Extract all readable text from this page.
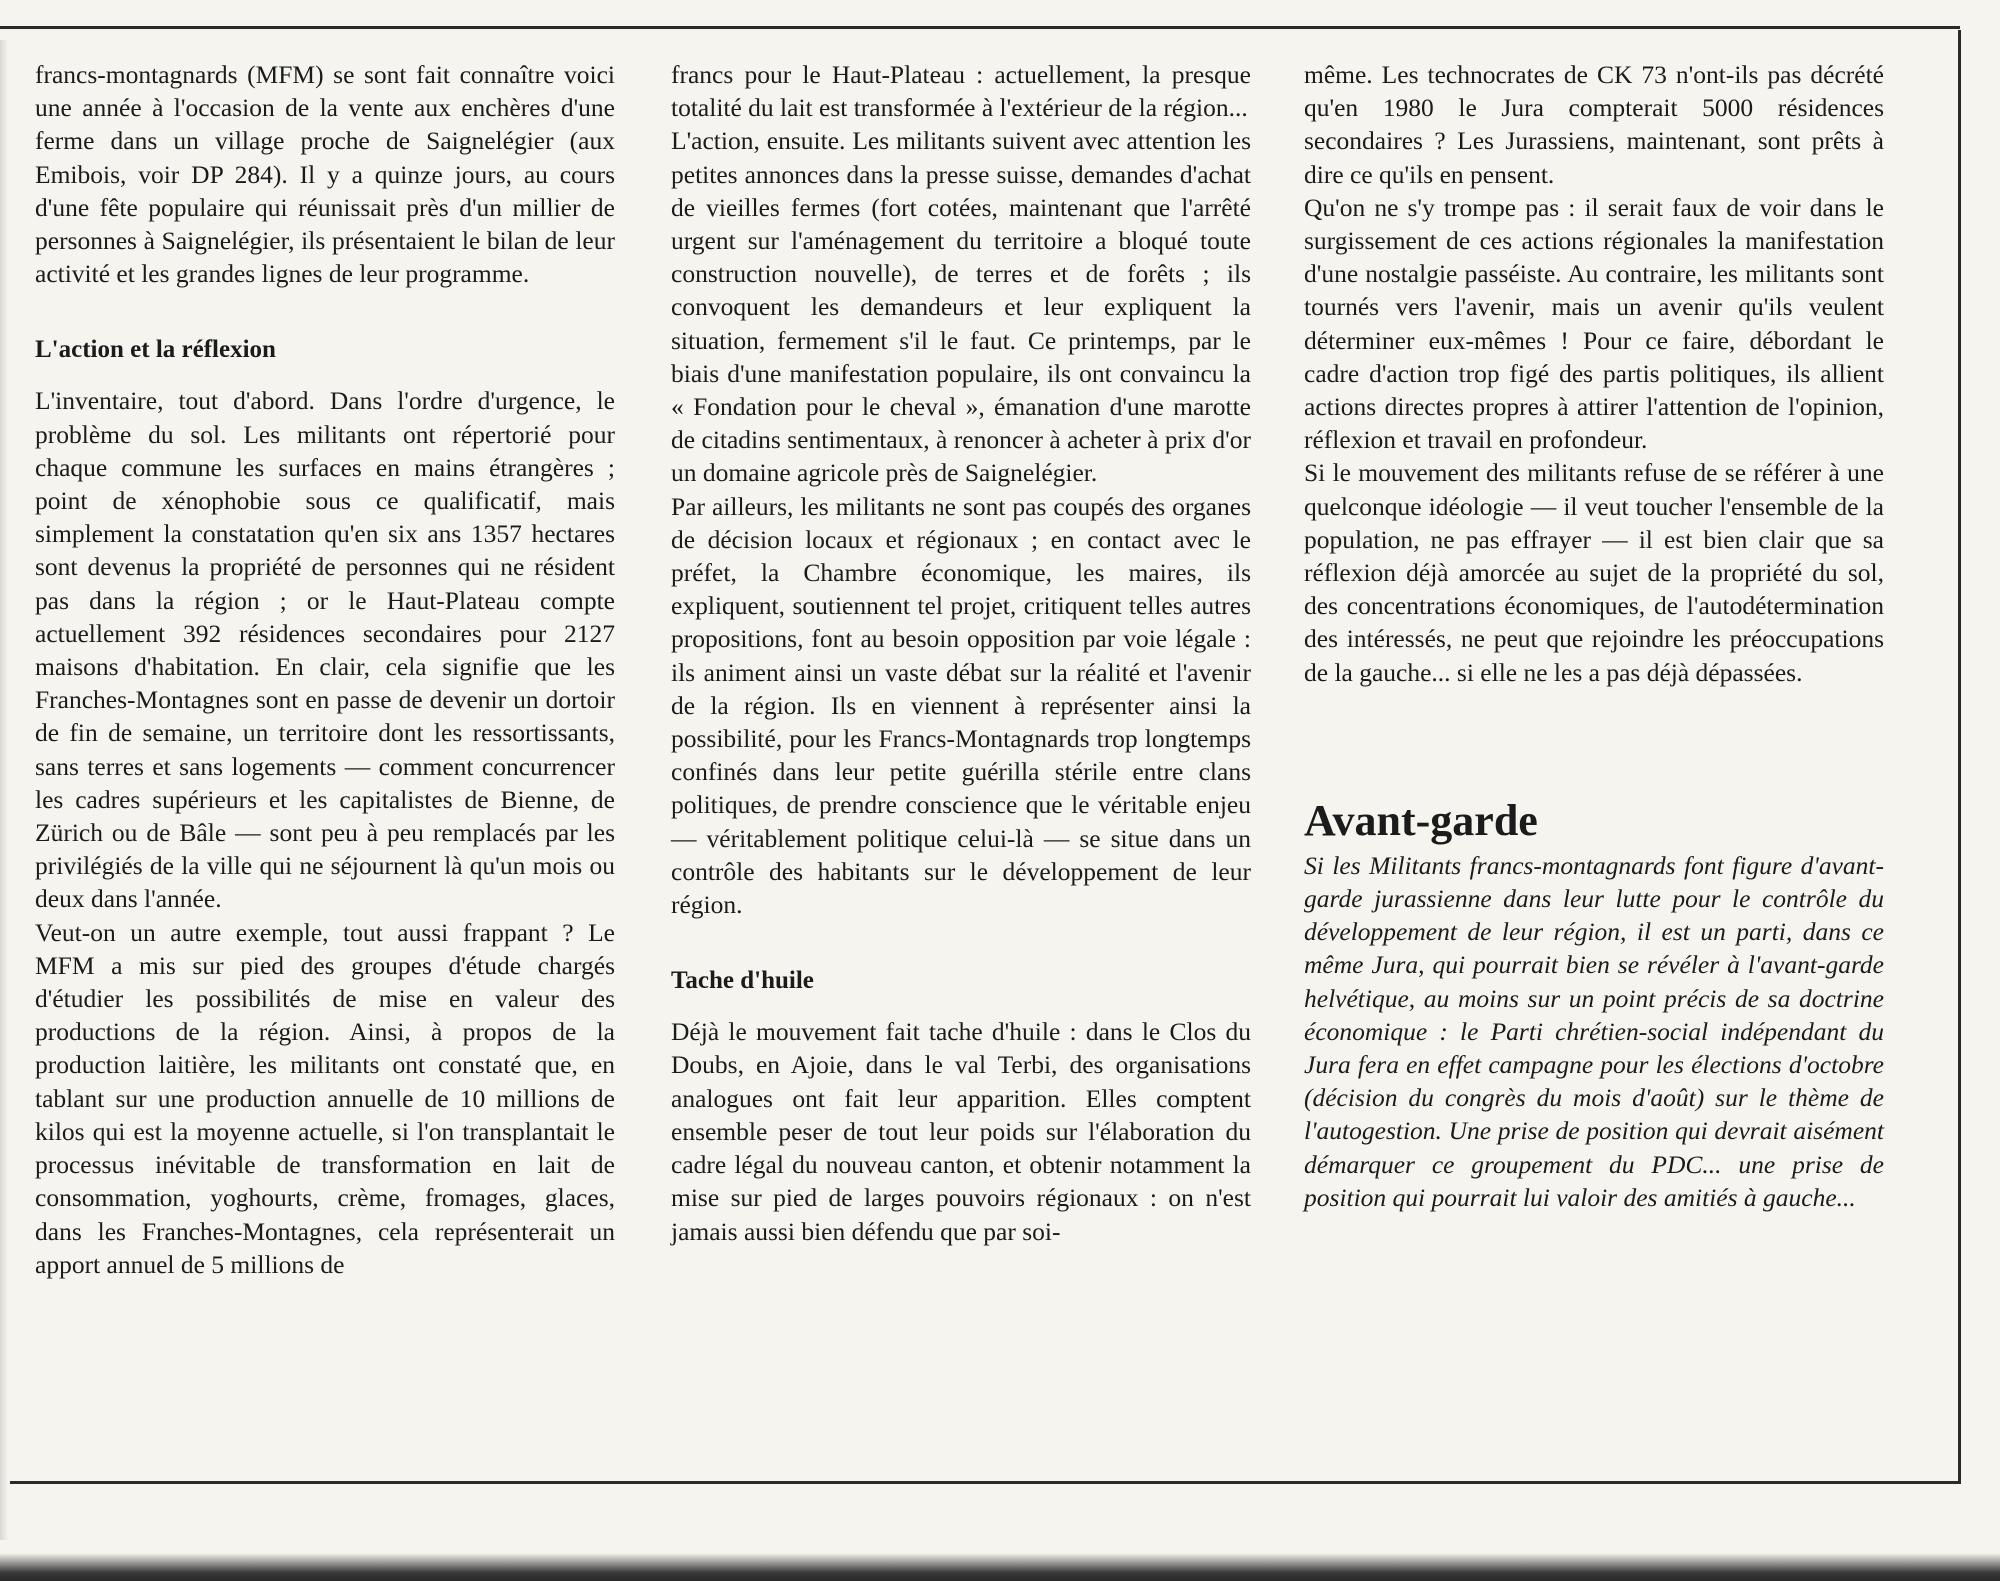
francs-montagnards (MFM) se sont fait connaître voici une année à l'occasion de la vente aux enchères d'une ferme dans un village proche de Saignelégier (aux Emibois, voir DP 284). Il y a quinze jours, au cours d'une fête populaire qui réunissait près d'un millier de personnes à Saignelégier, ils présentaient le bilan de leur activité et les grandes lignes de leur programme.

L'action et la réflexion

L'inventaire, tout d'abord. Dans l'ordre d'urgence, le problème du sol. Les militants ont répertorié pour chaque commune les surfaces en mains étrangères ; point de xénophobie sous ce qualificatif, mais simplement la constatation qu'en six ans 1357 hectares sont devenus la propriété de personnes qui ne résident pas dans la région ; or le Haut-Plateau compte actuellement 392 résidences secondaires pour 2127 maisons d'habitation. En clair, cela signifie que les Franches-Montagnes sont en passe de devenir un dortoir de fin de semaine, un territoire dont les ressortissants, sans terres et sans logements — comment concurrencer les cadres supérieurs et les capitalistes de Bienne, de Zürich ou de Bâle — sont peu à peu remplacés par les privilégiés de la ville qui ne séjournent là qu'un mois ou deux dans l'année.

Veut-on un autre exemple, tout aussi frappant ? Le MFM a mis sur pied des groupes d'étude chargés d'étudier les possibilités de mise en valeur des productions de la région. Ainsi, à propos de la production laitière, les militants ont constaté que, en tablant sur une production annuelle de 10 millions de kilos qui est la moyenne actuelle, si l'on transplantait le processus inévitable de transformation en lait de consommation, yoghourts, crème, fromages, glaces, dans les Franches-Montagnes, cela représenterait un apport annuel de 5 millions de

francs pour le Haut-Plateau : actuellement, la presque totalité du lait est transformée à l'extérieur de la région...

L'action, ensuite. Les militants suivent avec attention les petites annonces dans la presse suisse, demandes d'achat de vieilles fermes (fort cotées, maintenant que l'arrêté urgent sur l'aménagement du territoire a bloqué toute construction nouvelle), de terres et de forêts ; ils convoquent les demandeurs et leur expliquent la situation, fermement s'il le faut. Ce printemps, par le biais d'une manifestation populaire, ils ont convaincu la « Fondation pour le cheval », émanation d'une marotte de citadins sentimentaux, à renoncer à acheter à prix d'or un domaine agricole près de Saignelégier.

Par ailleurs, les militants ne sont pas coupés des organes de décision locaux et régionaux ; en contact avec le préfet, la Chambre économique, les maires, ils expliquent, soutiennent tel projet, critiquent telles autres propositions, font au besoin opposition par voie légale : ils animent ainsi un vaste débat sur la réalité et l'avenir de la région. Ils en viennent à représenter ainsi la possibilité, pour les Francs-Montagnards trop longtemps confinés dans leur petite guérilla stérile entre clans politiques, de prendre conscience que le véritable enjeu — véritablement politique celui-là — se situe dans un contrôle des habitants sur le développement de leur région.

Tache d'huile

Déjà le mouvement fait tache d'huile : dans le Clos du Doubs, en Ajoie, dans le val Terbi, des organisations analogues ont fait leur apparition. Elles comptent ensemble peser de tout leur poids sur l'élaboration du cadre légal du nouveau canton, et obtenir notamment la mise sur pied de larges pouvoirs régionaux : on n'est jamais aussi bien défendu que par soi-

même. Les technocrates de CK 73 n'ont-ils pas décrété qu'en 1980 le Jura compterait 5000 résidences secondaires ? Les Jurassiens, maintenant, sont prêts à dire ce qu'ils en pensent.

Qu'on ne s'y trompe pas : il serait faux de voir dans le surgissement de ces actions régionales la manifestation d'une nostalgie passéiste. Au contraire, les militants sont tournés vers l'avenir, mais un avenir qu'ils veulent déterminer eux-mêmes ! Pour ce faire, débordant le cadre d'action trop figé des partis politiques, ils allient actions directes propres à attirer l'attention de l'opinion, réflexion et travail en profondeur.

Si le mouvement des militants refuse de se référer à une quelconque idéologie — il veut toucher l'ensemble de la population, ne pas effrayer — il est bien clair que sa réflexion déjà amorcée au sujet de la propriété du sol, des concentrations économiques, de l'autodétermination des intéressés, ne peut que rejoindre les préoccupations de la gauche... si elle ne les a pas déjà dépassées.

Avant-garde

Si les Militants francs-montagnards font figure d'avant-garde jurassienne dans leur lutte pour le contrôle du développement de leur région, il est un parti, dans ce même Jura, qui pourrait bien se révéler à l'avant-garde helvétique, au moins sur un point précis de sa doctrine économique : le Parti chrétien-social indépendant du Jura fera en effet campagne pour les élections d'octobre (décision du congrès du mois d'août) sur le thème de l'autogestion. Une prise de position qui devrait aisément démarquer ce groupement du PDC... une prise de position qui pourrait lui valoir des amitiés à gauche...
